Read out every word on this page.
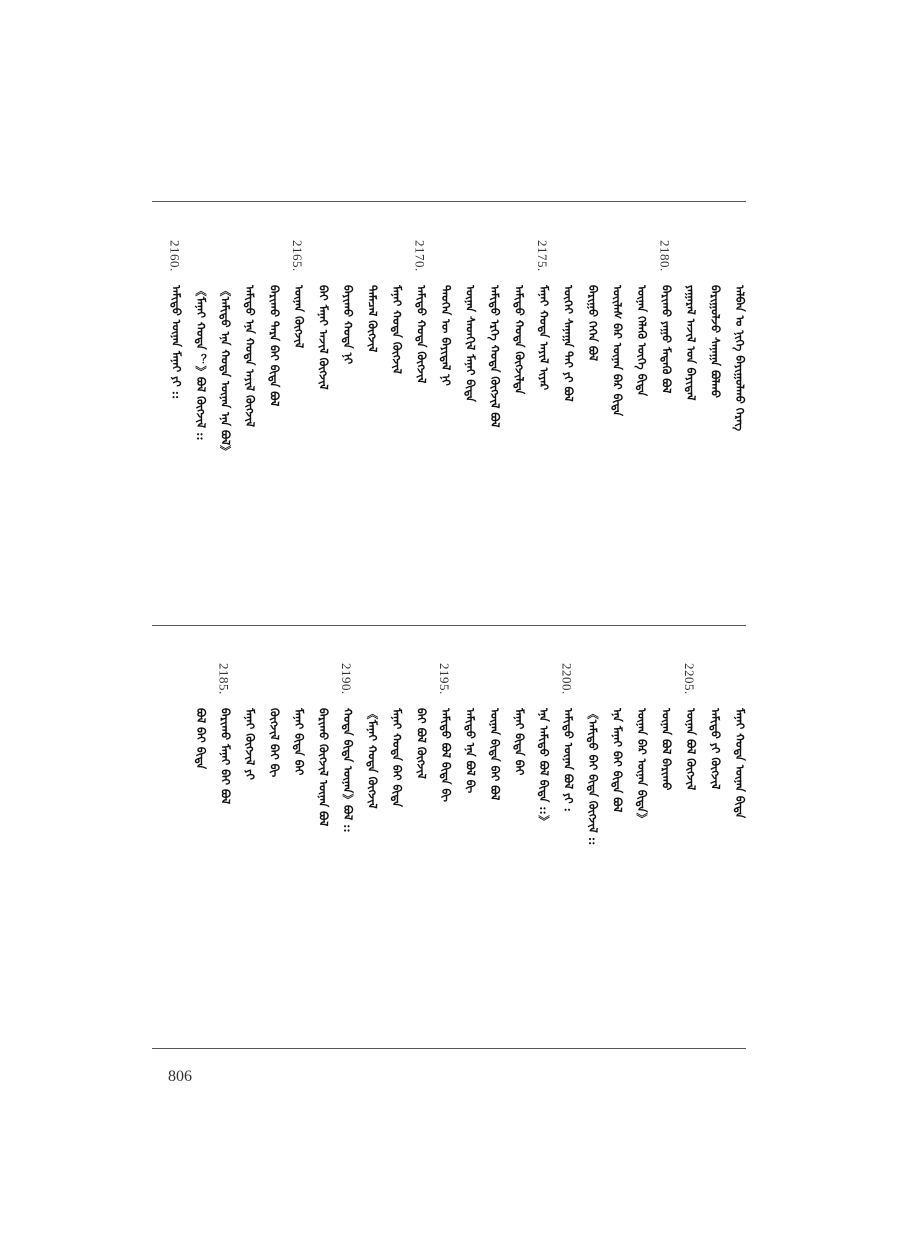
ᠠᠯᠪᠠᠨ ᠤ ᠨᠢᠭᠡ ᠪᠠᠶᠢᠭᠤᠯᠬᠤ ᠬᠡᠷᠡᠭ
ᠪᠠᠷᠢᠭᠤᠯᠵᠤ ᠰᠠᠨᠠᠭᠠ ᠪᠣᠯᠬᠤ
ᠶᠠᠭᠠᠷᠠᠯ ᠠᠵᠢᠯ ᠤᠨ ᠪᠠᠶᠢᠳᠠᠯ
2180.
ᠪᠠᠷᠢᠬᠤ ᠶᠠᠭᠤ ᠮᠡᠳᠡᠬᠦ ᠪᠣᠯ
ᠦᠨᠡᠨ ᠬᠡᠯᠡᠬᠦ ᠦᠭᠡ ᠪᠢᠳᠡ
ᠦᠢᠯᠡᠰ ᠪᠡᠷ ᠦᠨᠡᠨ ᠪᠡᠷ ᠪᠢᠳᠡ
ᠪᠠᠷᠢᠭᠤ ᠬᠡᠭᠡᠨ ᠪᠣᠯ
ᠦᠭᠡᠢ ᠰᠠᠨᠠᠭᠠ ᠲᠡᠢ ᠶᠢ ᠪᠣᠯ
2175.
ᠮᠠᠨᠠᠢ ᠬᠣᠲᠠ ᠠᠶᠢᠯ ᠢᠶᠠᠷ
ᠠᠮᠢᠳᠤ ᠬᠣᠲᠠ ᠬᠥᠭᠵᠢᠯᠲᠡ
ᠠᠮᠢᠳᠤ ᠡᠷᠬᠡ ᠬᠣᠲᠠ ᠬᠥᠭᠵᠢᠯ ᠪᠣᠯ
ᠦᠨᠡᠨ ᠰᠡᠳᠬᠢᠯ ᠮᠠᠨᠠᠢ ᠪᠢᠳᠡ
ᠲᠡᠦᠬᠡᠨ ᠦ ᠪᠠᠶᠢᠳᠠᠯ ᠨᠢ
2170.
ᠠᠮᠢᠳᠤ ᠬᠣᠲᠠ ᠬᠥᠭᠵᠢᠯ
ᠮᠠᠨᠠᠢ ᠬᠣᠲᠠ ᠬᠥᠭᠵᠢᠯ
ᠲᠡᠮᠡᠴᠡᠯ ᠬᠥᠭᠵᠢᠯ
ᠪᠠᠶᠢᠬᠤ ᠬᠣᠲᠠ ᠨᠢ
ᠪᠠᠢ ᠮᠠᠨᠠᠢ ᠠᠵᠢᠯ ᠬᠥᠭᠵᠢᠯ
2165.
ᠦᠨᠡᠨ ᠬᠥᠭᠵᠢᠯ
ᠪᠠᠷᠢᠬᠤ ᠲᠡᠷᠡ ᠪᠠᠢ ᠪᠢᠳᠡ ᠪᠣᠯ
ᠠᠮᠢᠳᠤ ᠡᠨᠡ ᠬᠣᠲᠠ ᠠᠶᠢᠯ ᠬᠥᠭᠵᠢᠯ
《ᠠᠮᠢᠳᠤ ᠡᠨᠡ ᠬᠣᠲᠠ ᠦᠨᠡᠨ ᠡᠨᠡ ᠪᠣᠯ》
《ᠮᠠᠨᠠᠢ ᠬᠣᠲᠠ ？》ᠪᠣᠯ ᠬᠥᠭᠵᠢᠯ ::
2160.
ᠠᠮᠢᠳᠤ ᠦᠨᠡᠨ ᠮᠠᠨᠠᠢ ᠶᠢ ::
ᠮᠠᠨᠠᠢ ᠬᠣᠲᠠ ᠦᠨᠡᠨ ᠪᠢᠳᠡ
ᠠᠮᠢᠳᠤ ᠶᠢ ᠬᠥᠭᠵᠢᠯ
2205.
ᠦᠨᠡᠨ ᠪᠣᠯ ᠬᠥᠭᠵᠢᠯ
ᠦᠨᠡᠨ ᠪᠣᠯ ᠪᠠᠷᠢᠬᠤ
ᠦᠨᠡᠨ ᠪᠡᠷ ᠦᠨᠡᠨ ᠪᠢᠳᠡ》
ᠡᠨᠡ ᠮᠠᠨᠠᠢ ᠪᠠᠢ ᠪᠢᠳᠡ ᠪᠣᠯ
《ᠠᠮᠢᠳᠤ ᠪᠠᠢ ᠪᠢᠳᠡ ᠬᠥᠭᠵᠢᠯ ::
2200.
ᠠᠮᠢᠳᠤ ᠦᠨᠡᠨ ᠪᠣᠯ ᠶᠢ :
ᠡᠨᠡ ᠠᠮᠢᠳᠤ ᠪᠣᠯ ᠪᠢᠳᠡ ::》
ᠮᠠᠨᠠᠢ ᠪᠢᠳᠡ ᠪᠠᠢ
ᠦᠨᠡᠨ ᠪᠢᠳᠡ ᠪᠠᠢ ᠪᠣᠯ
ᠠᠮᠢᠳᠤ ᠡᠨᠡ ᠪᠣᠯ ᠪᠢ
2195.
ᠠᠮᠢᠳᠤ ᠪᠣᠯ ᠪᠢᠳᠡ ᠪᠢ
ᠪᠠᠢ ᠪᠣᠯ ᠬᠥᠭᠵᠢᠯ
ᠮᠠᠨᠠᠢ ᠬᠣᠲᠠ ᠪᠠᠢ ᠪᠢᠳᠡ
《ᠮᠠᠨᠠᠢ ᠬᠣᠲᠠ ᠬᠥᠭᠵᠢᠯ
2190.
ᠬᠣᠲᠠ ᠪᠢᠳᠡ ᠦᠨᠡᠨ》ᠪᠣᠯ ::
ᠪᠠᠷᠢᠬᠤ ᠬᠥᠭᠵᠢᠯ ᠦᠨᠡᠨ ᠪᠣᠯ
ᠮᠠᠨᠠᠢ ᠪᠢᠳᠡ ᠪᠠᠢ
ᠬᠥᠭᠵᠢᠯ ᠪᠠᠢ ᠪᠢ
ᠮᠠᠨᠠᠢ ᠬᠥᠭᠵᠢᠯ ᠶᠢ
2185.
ᠪᠠᠷᠢᠬᠤ ᠮᠠᠨᠠᠢ ᠪᠠᠢ ᠪᠣᠯ
ᠪᠣᠯ ᠪᠠᠢ ᠪᠢᠳᠡ
806
